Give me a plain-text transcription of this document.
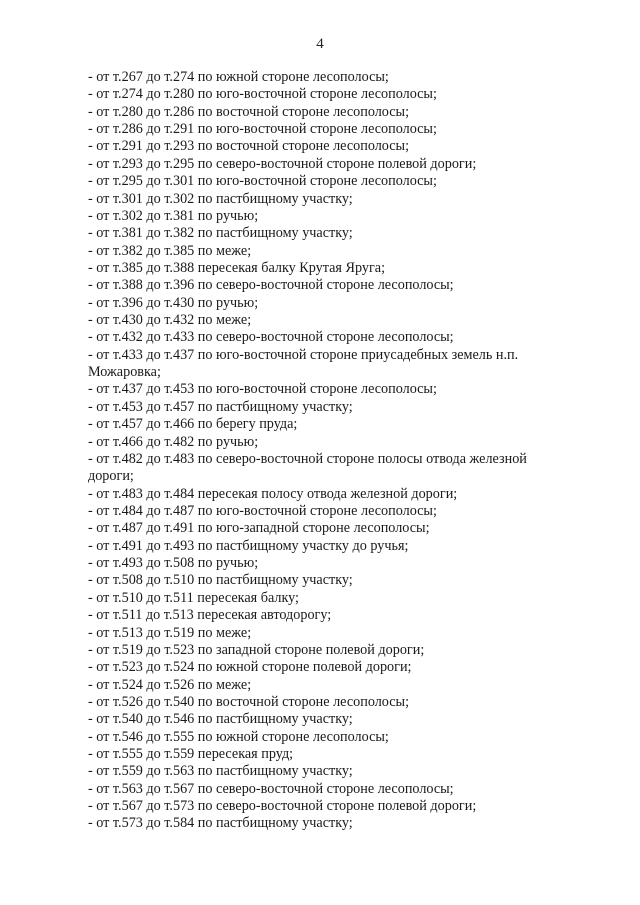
4
- от т.267 до т.274 по южной стороне лесополосы;
- от т.274 до т.280 по юго-восточной стороне лесополосы;
- от т.280 до т.286 по восточной стороне лесополосы;
- от т.286 до т.291 по юго-восточной стороне лесополосы;
- от т.291 до т.293 по восточной стороне лесополосы;
- от т.293 до т.295 по северо-восточной стороне полевой дороги;
- от т.295 до т.301 по юго-восточной стороне лесополосы;
- от т.301 до т.302 по пастбищному участку;
- от т.302 до т.381 по ручью;
- от т.381 до т.382 по пастбищному участку;
- от т.382 до т.385 по меже;
- от т.385 до т.388 пересекая балку Крутая Яруга;
- от т.388 до т.396 по северо-восточной стороне лесополосы;
- от т.396 до т.430 по ручью;
- от т.430 до т.432 по меже;
- от т.432 до т.433 по северо-восточной стороне лесополосы;
- от т.433 до т.437 по юго-восточной стороне приусадебных земель н.п.
Можаровка;
- от т.437 до т.453 по юго-восточной стороне лесополосы;
- от т.453 до т.457 по пастбищному участку;
- от т.457 до т.466 по берегу пруда;
- от т.466 до т.482 по ручью;
- от т.482 до т.483 по северо-восточной стороне полосы отвода железной
дороги;
- от т.483 до т.484 пересекая полосу отвода железной дороги;
- от т.484 до т.487 по юго-восточной стороне лесополосы;
- от т.487 до т.491 по юго-западной стороне лесополосы;
- от т.491 до т.493 по пастбищному участку до ручья;
- от т.493 до т.508 по ручью;
- от т.508 до т.510 по пастбищному участку;
- от т.510 до т.511 пересекая балку;
- от т.511 до т.513 пересекая автодорогу;
- от т.513 до т.519 по меже;
- от т.519 до т.523 по западной стороне полевой дороги;
- от т.523 до т.524 по южной стороне полевой дороги;
- от т.524 до т.526 по меже;
- от т.526 до т.540 по восточной стороне лесополосы;
- от т.540 до т.546 по пастбищному участку;
- от т.546 до т.555 по южной стороне лесополосы;
- от т.555 до т.559 пересекая пруд;
- от т.559 до т.563 по пастбищному участку;
- от т.563 до т.567 по северо-восточной стороне лесополосы;
- от т.567 до т.573 по северо-восточной стороне полевой дороги;
- от т.573 до т.584 по пастбищному участку;
